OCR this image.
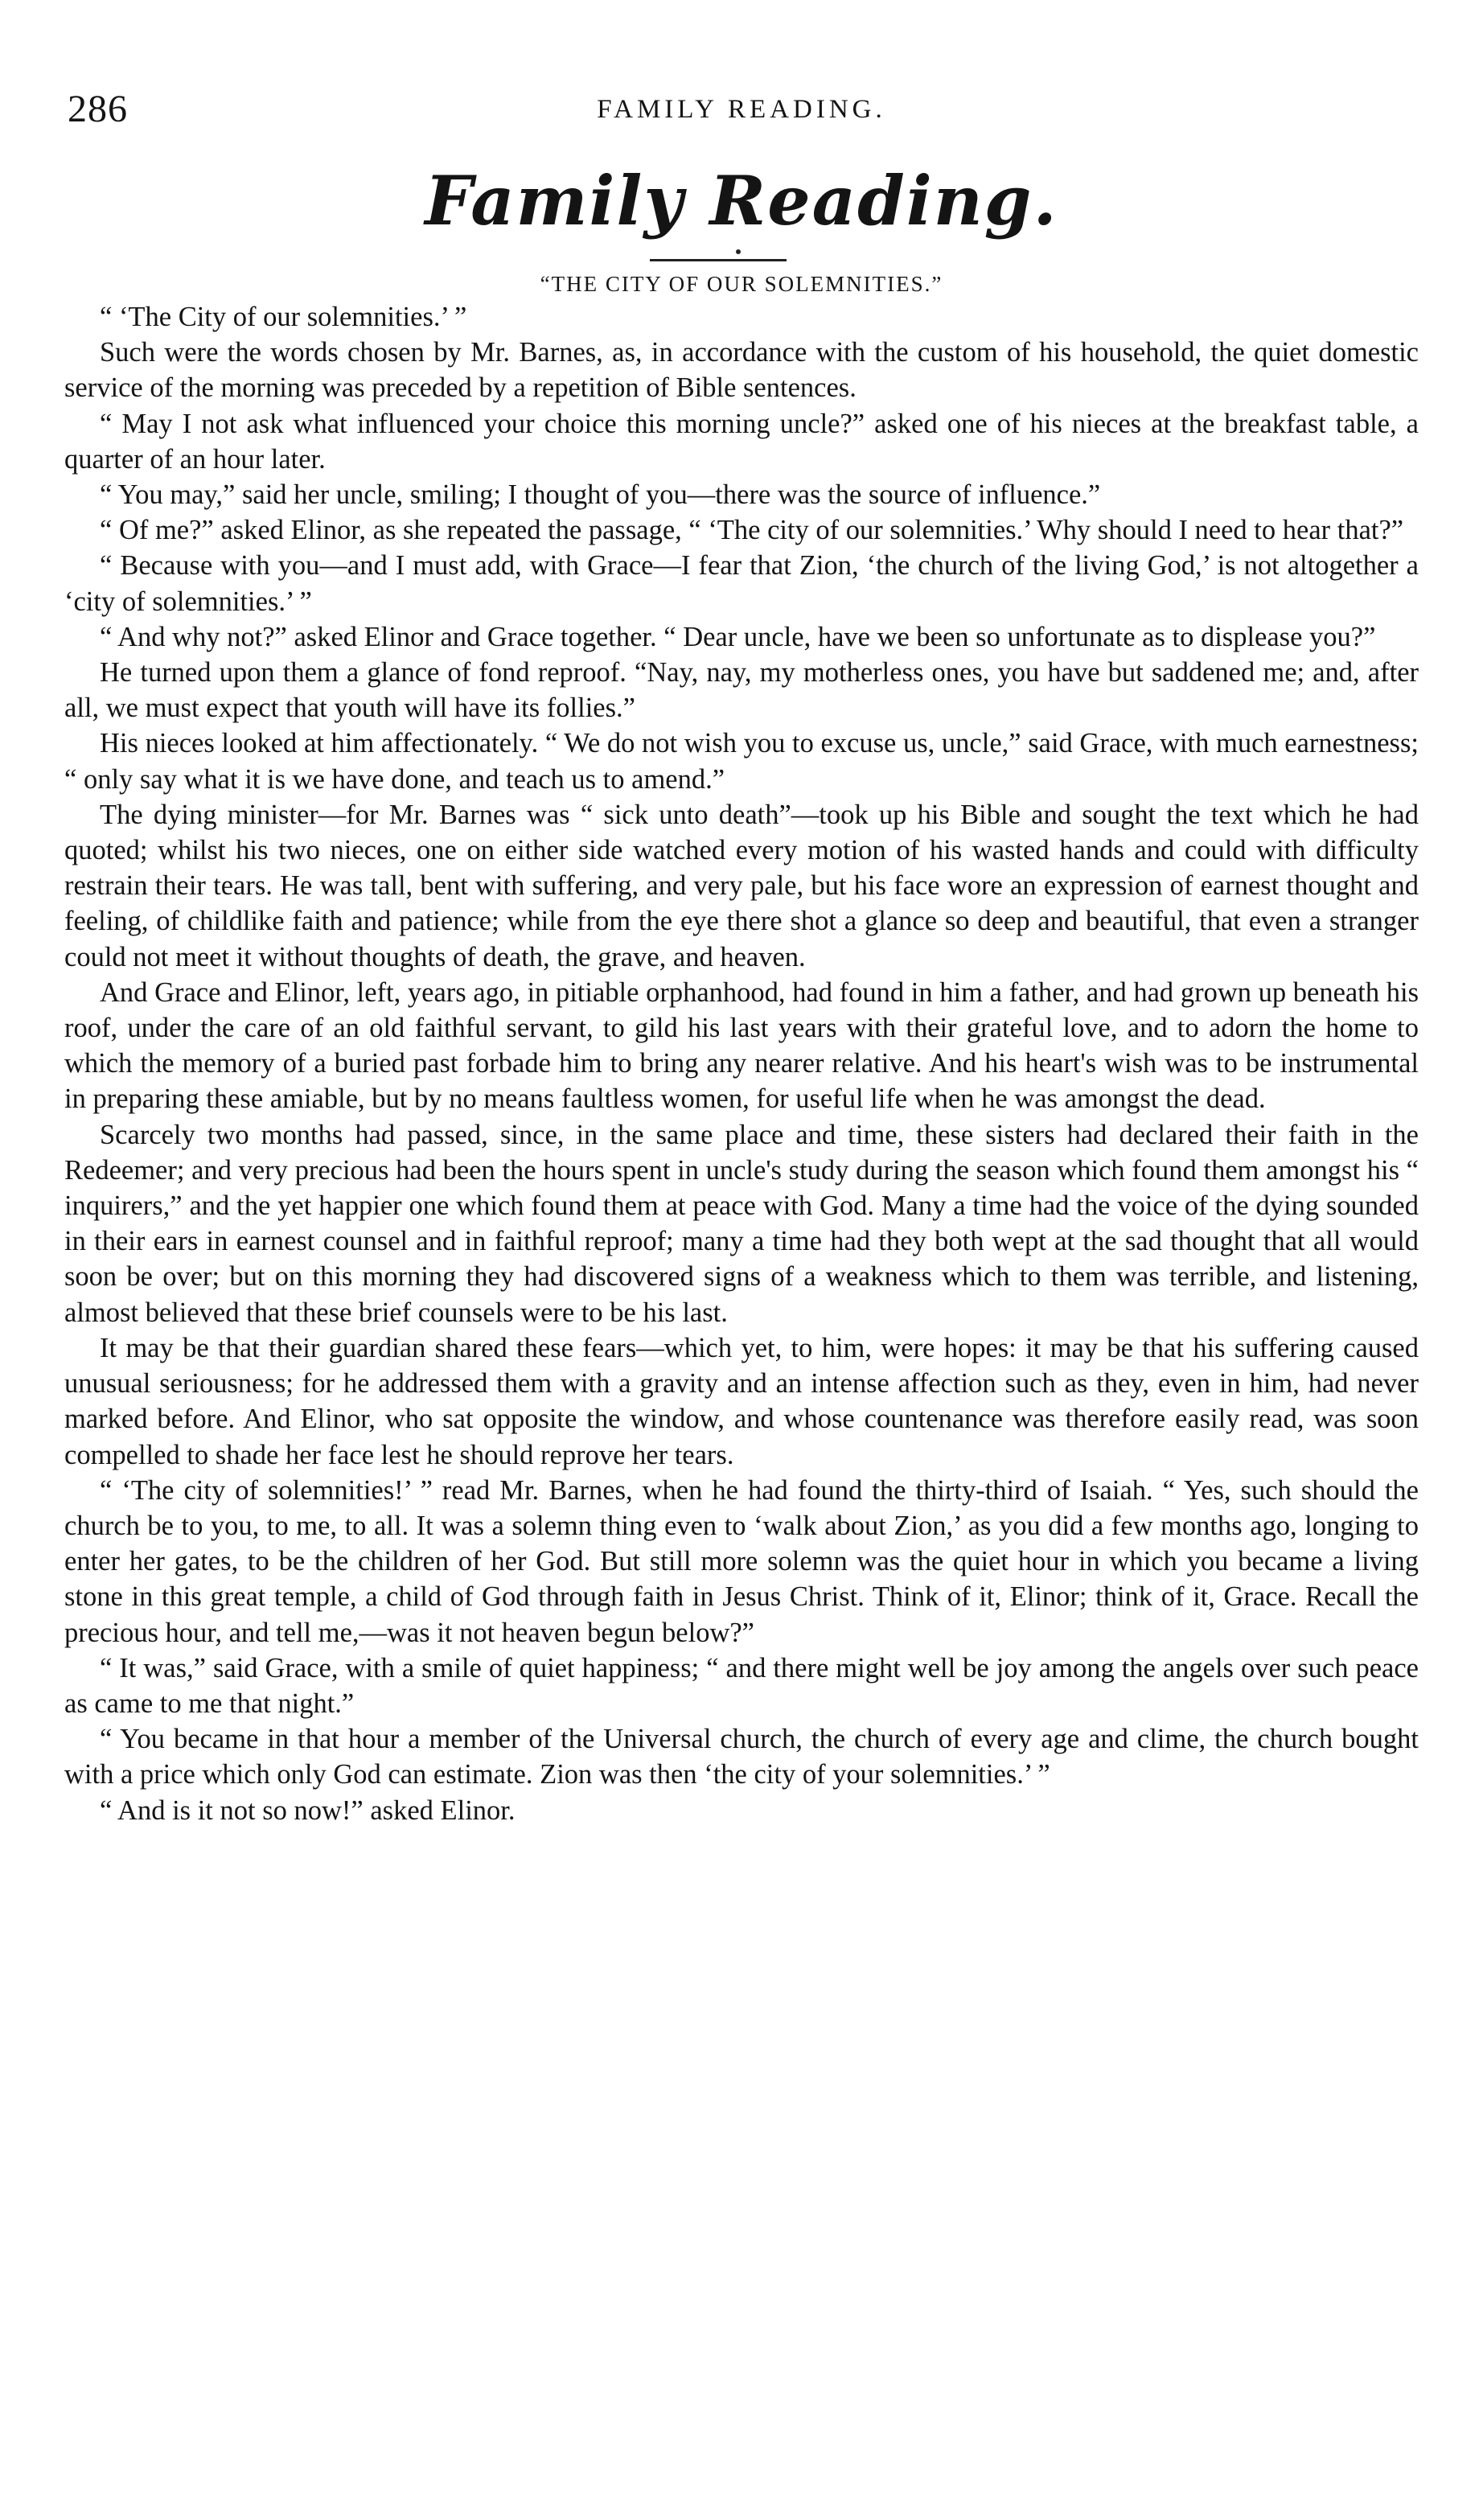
286	FAMILY READING.
Family Reading.
“THE CITY OF OUR SOLEMNITIES.”

“ ‘The City of our solemnities.’ ”

Such were the words chosen by Mr. Barnes, as, in accordance with the custom of his household, the quiet domestic service of the morning was preceded by a repetition of Bible sentences.

“ May I not ask what influenced your choice this morning uncle?” asked one of his nieces at the breakfast table, a quarter of an hour later.

“ You may,” said her uncle, smiling; I thought of you—there was the source of influence.”

“ Of me?” asked Elinor, as she repeated the passage, “ ‘The city of our solemnities.’ Why should I need to hear that?”

“ Because with you—and I must add, with Grace—I fear that Zion, ‘the church of the living God,’ is not altogether a ‘city of solemnities.’ ”

“ And why not?” asked Elinor and Grace together. “ Dear uncle, have we been so unfortunate as to displease you?”

He turned upon them a glance of fond reproof. “Nay, nay, my motherless ones, you have but saddened me; and, after all, we must expect that youth will have its follies.”

His nieces looked at him affectionately. “ We do not wish you to excuse us, uncle,” said Grace, with much earnestness; “ only say what it is we have done, and teach us to amend.”

The dying minister—for Mr. Barnes was “ sick unto death”—took up his Bible and sought the text which he had quoted; whilst his two nieces, one on either side watched every motion of his wasted hands and could with difficulty restrain their tears. He was tall, bent with suffering, and very pale, but his face wore an expression of earnest thought and feeling, of childlike faith and patience; while from the eye there shot a glance so deep and beautiful, that even a stranger could not meet it without thoughts of death, the grave, and heaven.

And Grace and Elinor, left, years ago, in pitiable orphanhood, had found in him a father, and had grown up beneath his roof, under the care of an old faithful servant, to gild his last years with their grateful love, and to adorn the home to which the memory of a buried past forbade him to bring any nearer relative. And his heart's wish was to be instrumental in preparing these amiable, but by no means faultless women, for useful life when he was amongst the dead.

Scarcely two months had passed, since, in the same place and time, these sisters had declared their faith in the Redeemer; and very precious had been the hours spent in uncle's study during the season which found them amongst his “ inquirers,” and the yet happier one which found them at peace with God. Many a time had the voice of the dying sounded in their ears in earnest counsel and in faithful reproof; many a time had they both wept at the sad thought that all would soon be over; but on this morning they had discovered signs of a weakness which to them was terrible, and listening, almost believed that these brief counsels were to be his last.

It may be that their guardian shared these fears—which yet, to him, were hopes: it may be that his suffering caused unusual seriousness; for he addressed them with a gravity and an intense affection such as they, even in him, had never marked before. And Elinor, who sat opposite the window, and whose countenance was therefore easily read, was soon compelled to shade her face lest he should reprove her tears.

“ ‘The city of solemnities!’ ” read Mr. Barnes, when he had found the thirty-third of Isaiah. “ Yes, such should the church be to you, to me, to all. It was a solemn thing even to ‘walk about Zion,’ as you did a few months ago, longing to enter her gates, to be the children of her God. But still more solemn was the quiet hour in which you became a living stone in this great temple, a child of God through faith in Jesus Christ. Think of it, Elinor; think of it, Grace. Recall the precious hour, and tell me,—was it not heaven begun below?”

“ It was,” said Grace, with a smile of quiet happiness; “ and there might well be joy among the angels over such peace as came to me that night.”

“ You became in that hour a member of the Universal church, the church of every age and clime, the church bought with a price which only God can estimate. Zion was then ‘the city of your solemnities.’ ”

“ And is it not so now!” asked Elinor.
